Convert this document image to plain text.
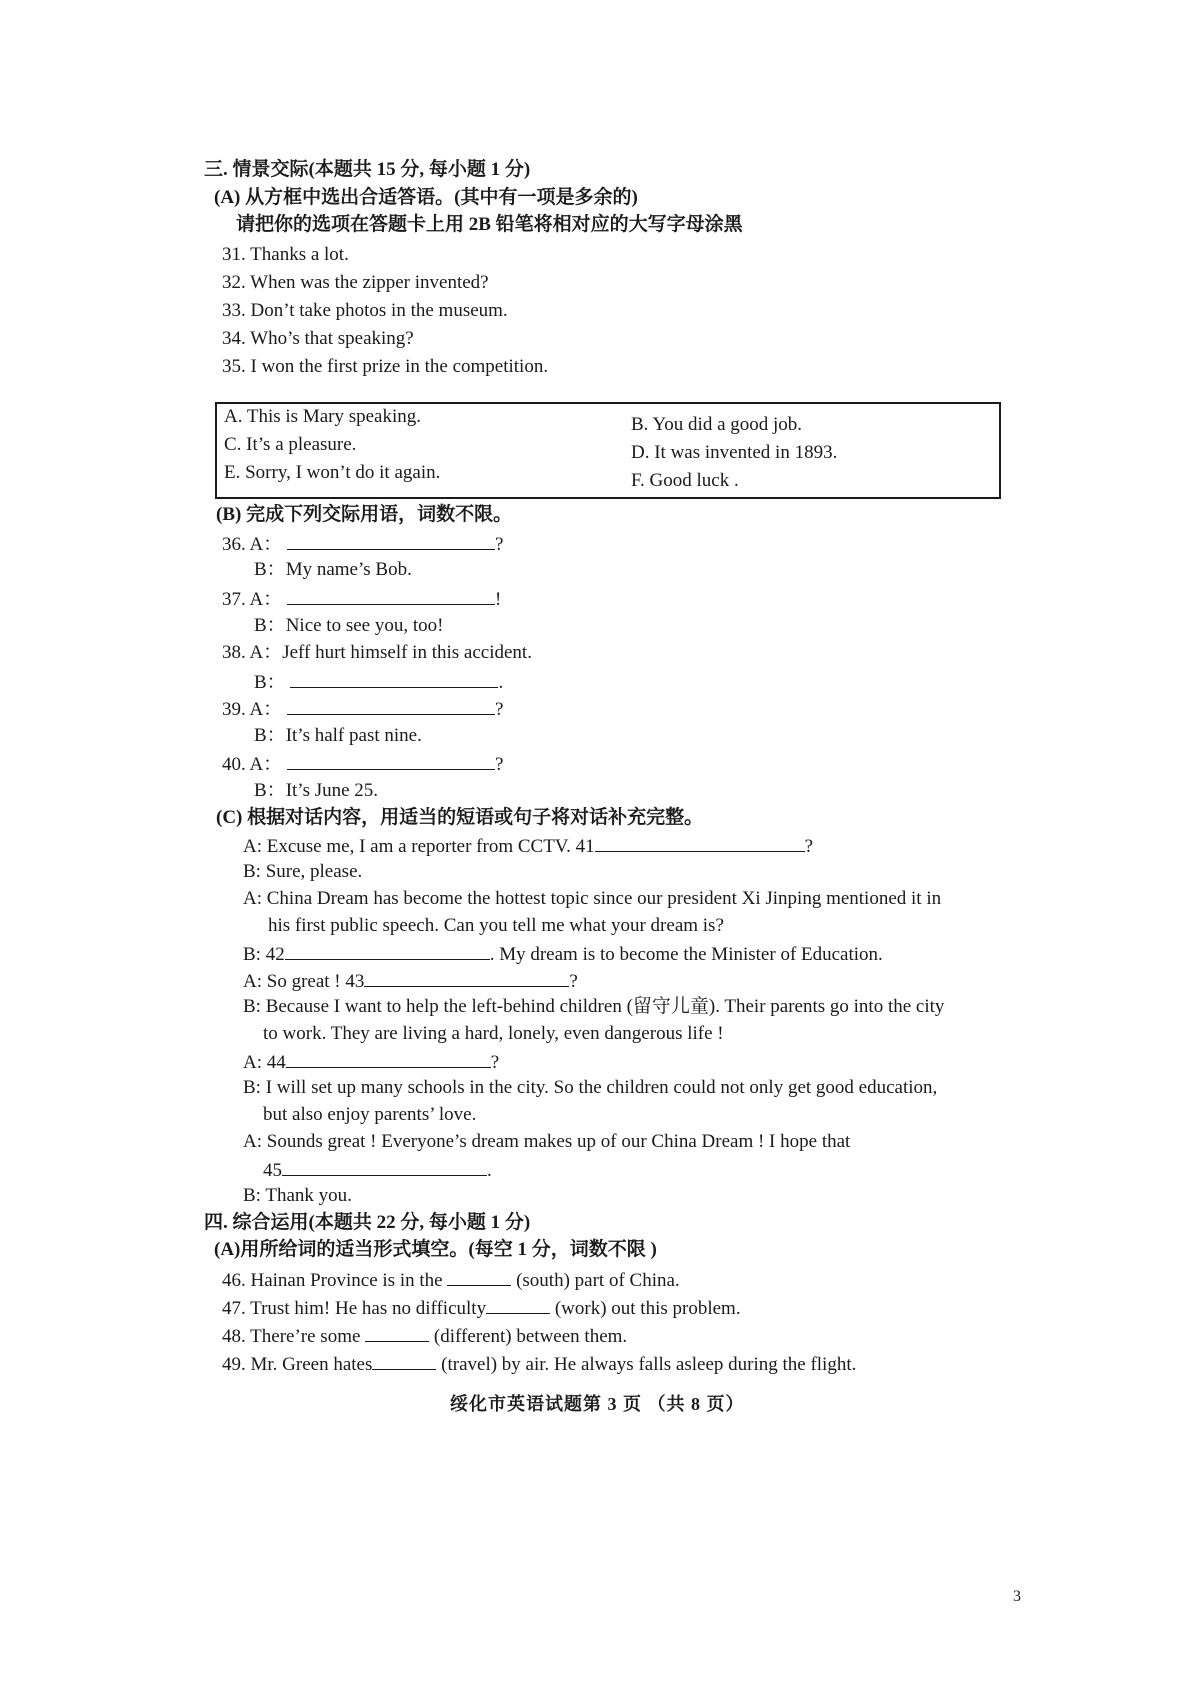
三. 情景交际(本题共 15 分, 每小题 1 分)
(A) 从方框中选出合适答语。(其中有一项是多余的)
请把你的选项在答题卡上用 2B 铅笔将相对应的大写字母涂黑
31. Thanks a lot.
32. When was the zipper invented?
33. Don’t take photos in the museum.
34. Who’s that speaking?
35. I won the first prize in the competition.
A. This is Mary speaking.	B. You did a good job.
C. It’s a pleasure.	D. It was invented in 1893.
E. Sorry, I won’t do it again.	F. Good luck .
(B) 完成下列交际用语，词数不限。
36. A：	?
B：My name’s Bob.
37. A：	!
B：Nice to see you, too!
38. A：Jeff hurt himself in this accident.
B：	.
39. A：	?
B：It’s half past nine.
40. A：	?
B：It’s June 25.
(C) 根据对话内容，用适当的短语或句子将对话补充完整。
A: Excuse me, I am a reporter from CCTV. 41	?
B: Sure, please.
A: China Dream has become the hottest topic since our president Xi Jinping mentioned it in
his first public speech. Can you tell me what your dream is?
B: 42	. My dream is to become the Minister of Education.
A: So great ! 43	?
B: Because I want to help the left-behind children (留守儿童). Their parents go into the city
to work. They are living a hard, lonely, even dangerous life !
A: 44	?
B: I will set up many schools in the city. So the children could not only get good education,
but also enjoy parents’ love.
A: Sounds great ! Everyone’s dream makes up of our China Dream ! I hope that
45	.
B: Thank you.
四. 综合运用(本题共 22 分, 每小题 1 分)
(A)用所给词的适当形式填空。(每空 1 分，词数不限 )
46. Hainan Province is in the	(south) part of China.
47. Trust him! He has no difficulty	(work) out this problem.
48. There’re some	(different) between them.
49. Mr. Green hates	(travel) by air. He always falls asleep during the flight.
绥化市英语试题第 3 页 （共 8 页）
3
